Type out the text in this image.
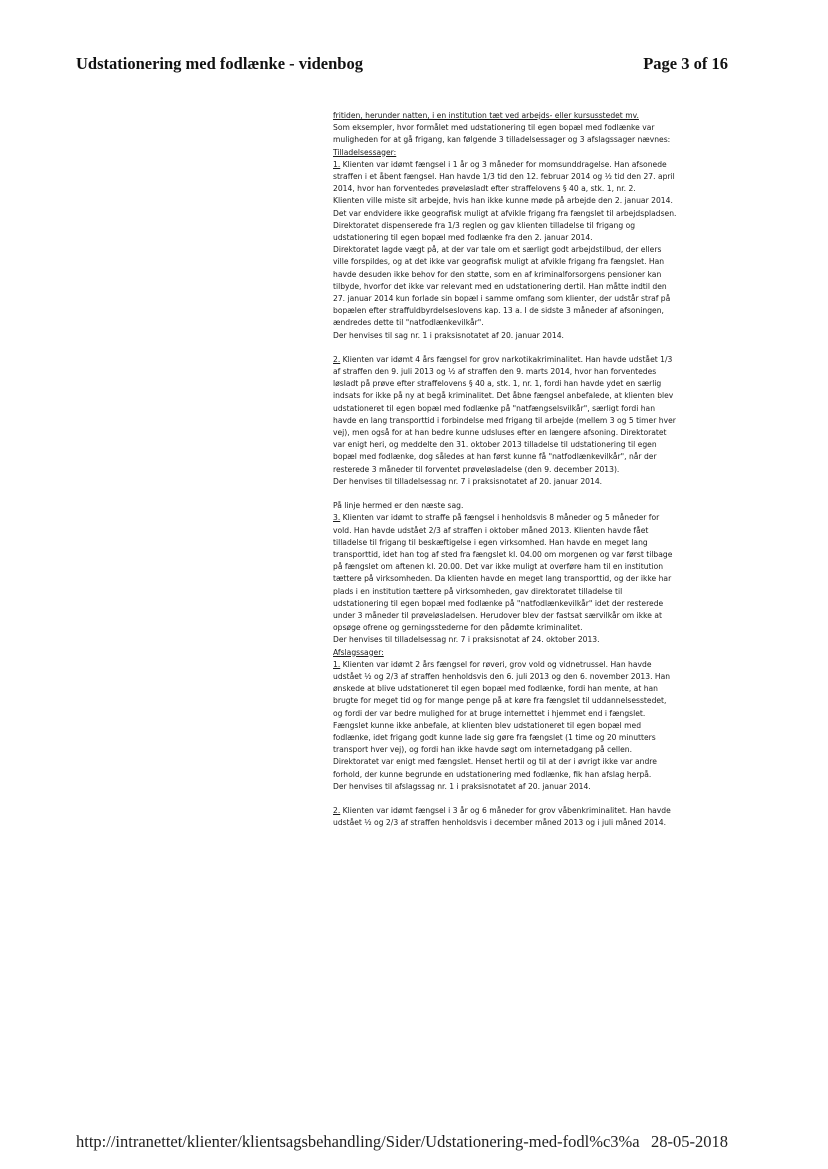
Udstationering med fodlænke - videnbog	Page 3 of 16

fritiden, herunder natten, i en institution tæt ved arbejds- eller kursusstedet mv.

Som eksempler, hvor formålet med udstationering til egen bopæl med fodlænke var muligheden for at gå frigang, kan følgende 3 tilladelsessager og 3 afslagssager nævnes:

Tilladelsessager:

1. Klienten var idømt fængsel i 1 år og 3 måneder for momsunddragelse. Han afsonede straffen i et åbent fængsel. Han havde 1/3 tid den 12. februar 2014 og ½ tid den 27. april 2014, hvor han forventedes prøveløsladt efter straffelovens § 40 a, stk. 1, nr. 2.

Klienten ville miste sit arbejde, hvis han ikke kunne møde på arbejde den 2. januar 2014. Det var endvidere ikke geografisk muligt at afvikle frigang fra fængslet til arbejdspladsen.

Direktoratet dispenserede fra 1/3 reglen og gav klienten tilladelse til frigang og udstationering til egen bopæl med fodlænke fra den 2. januar 2014.

Direktoratet lagde vægt på, at der var tale om et særligt godt arbejdstilbud, der ellers ville forspildes, og at det ikke var geografisk muligt at afvikle frigang fra fængslet. Han havde desuden ikke behov for den støtte, som en af kriminalforsorgens pensioner kan tilbyde, hvorfor det ikke var relevant med en udstationering dertil. Han måtte indtil den 27. januar 2014 kun forlade sin bopæl i samme omfang som klienter, der udstår straf på bopælen efter straffuldbyrdelseslovens kap. 13 a. I de sidste 3 måneder af afsoningen, ændredes dette til "natfodlænkevilkår".

Der henvises til sag nr. 1 i praksisnotatet af 20. januar 2014.

2. Klienten var idømt 4 års fængsel for grov narkotikakriminalitet. Han havde udstået 1/3 af straffen den 9. juli 2013 og ½ af straffen den 9. marts 2014, hvor han forventedes løsladt på prøve efter straffelovens § 40 a, stk. 1, nr. 1, fordi han havde ydet en særlig indsats for ikke på ny at begå kriminalitet. Det åbne fængsel anbefalede, at klienten blev udstationeret til egen bopæl med fodlænke på "natfængselsvilkår", særligt fordi han havde en lang transporttid i forbindelse med frigang til arbejde (mellem 3 og 5 timer hver vej), men også for at han bedre kunne udsluses efter en længere afsoning. Direktoratet var enigt heri, og meddelte den 31. oktober 2013 tilladelse til udstationering til egen bopæl med fodlænke, dog således at han først kunne få "natfodlænkevilkår", når der resterede 3 måneder til forventet prøveløsladelse (den 9. december 2013).

Der henvises til tilladelsessag nr. 7 i praksisnotatet af 20. januar 2014.

På linje hermed er den næste sag.

3. Klienten var idømt to straffe på fængsel i henholdsvis 8 måneder og 5 måneder for vold. Han havde udstået 2/3 af straffen i oktober måned 2013. Klienten havde fået tilladelse til frigang til beskæftigelse i egen virksomhed. Han havde en meget lang transporttid, idet han tog af sted fra fængslet kl. 04.00 om morgenen og var først tilbage på fængslet om aftenen kl. 20.00. Det var ikke muligt at overføre ham til en institution tættere på virksomheden. Da klienten havde en meget lang transporttid, og der ikke har plads i en institution tættere på virksomheden, gav direktoratet tilladelse til udstationering til egen bopæl med fodlænke på "natfodlænkevilkår" idet der resterede under 3 måneder til prøveløsladelsen. Herudover blev der fastsat særvilkår om ikke at opsøge ofrene og gerningsstederne for den pådømte kriminalitet.

Der henvises til tilladelsessag nr. 7 i praksisnotat af 24. oktober 2013.

Afslagssager:

1. Klienten var idømt 2 års fængsel for røveri, grov vold og vidnetrussel. Han havde udstået ½ og 2/3 af straffen henholdsvis den 6. juli 2013 og den 6. november 2013. Han ønskede at blive udstationeret til egen bopæl med fodlænke, fordi han mente, at han brugte for meget tid og for mange penge på at køre fra fængslet til uddannelsesstedet, og fordi der var bedre mulighed for at bruge internettet i hjemmet end i fængslet.

Fængslet kunne ikke anbefale, at klienten blev udstationeret til egen bopæl med fodlænke, idet frigang godt kunne lade sig gøre fra fængslet (1 time og 20 minutters transport hver vej), og fordi han ikke havde søgt om internetadgang på cellen.

Direktoratet var enigt med fængslet. Henset hertil og til at der i øvrigt ikke var andre forhold, der kunne begrunde en udstationering med fodlænke, fik han afslag herpå.

Der henvises til afslagssag nr. 1 i praksisnotatet af 20. januar 2014.

2. Klienten var idømt fængsel i 3 år og 6 måneder for grov våbenkriminalitet. Han havde udstået ½ og 2/3 af straffen henholdsvis i december måned 2013 og i juli måned 2014.

http://intranettet/klienter/klientsagsbehandling/Sider/Udstationering-med-fodl%c3%a 28-05-2018
